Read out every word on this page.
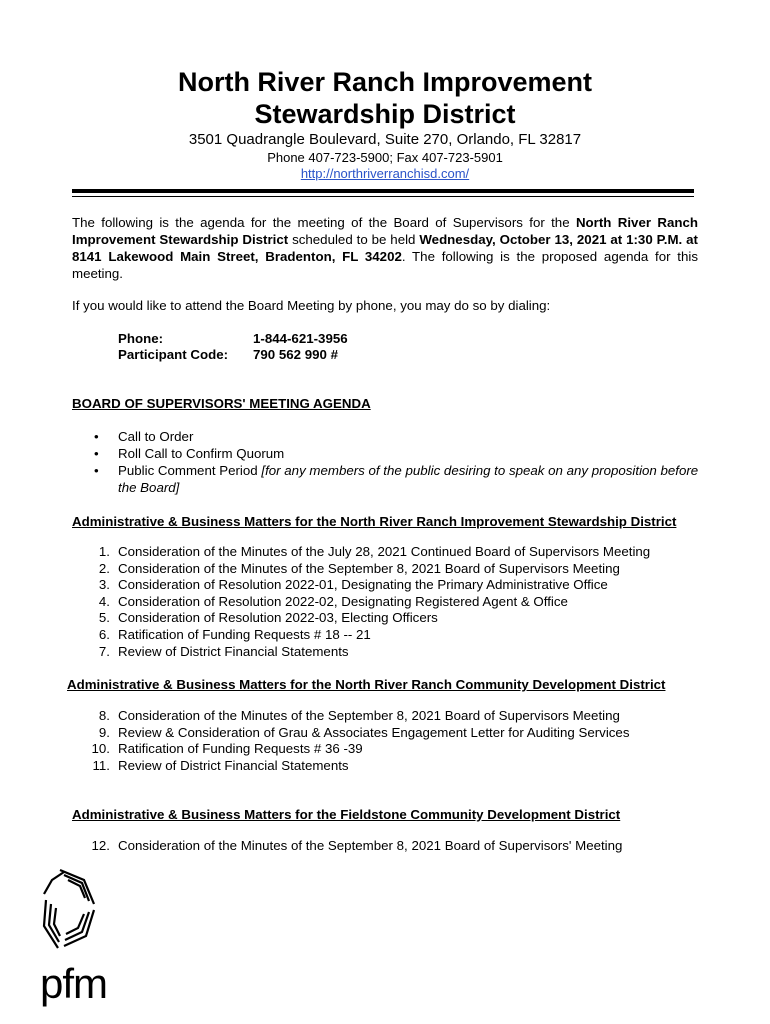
North River Ranch Improvement
Stewardship District
3501 Quadrangle Boulevard, Suite 270, Orlando, FL 32817
Phone 407-723-5900; Fax 407-723-5901
http://northriverranchisd.com/
The following is the agenda for the meeting of the Board of Supervisors for the North River Ranch Improvement Stewardship District scheduled to be held Wednesday, October 13, 2021 at 1:30 P.M. at 8141 Lakewood Main Street, Bradenton, FL 34202. The following is the proposed agenda for this meeting.
If you would like to attend the Board Meeting by phone, you may do so by dialing:
Phone:	1-844-621-3956
Participant Code: 790 562 990 #
BOARD OF SUPERVISORS' MEETING AGENDA
• Call to Order
• Roll Call to Confirm Quorum
• Public Comment Period [for any members of the public desiring to speak on any proposition before the Board]
Administrative & Business Matters for the North River Ranch Improvement Stewardship District
1. Consideration of the Minutes of the July 28, 2021 Continued Board of Supervisors Meeting
2. Consideration of the Minutes of the September 8, 2021 Board of Supervisors Meeting
3. Consideration of Resolution 2022-01, Designating the Primary Administrative Office
4. Consideration of Resolution 2022-02, Designating Registered Agent & Office
5. Consideration of Resolution 2022-03, Electing Officers
6. Ratification of Funding Requests # 18 -- 21
7. Review of District Financial Statements
Administrative & Business Matters for the North River Ranch Community Development District
8. Consideration of the Minutes of the September 8, 2021 Board of Supervisors Meeting
9. Review & Consideration of Grau & Associates Engagement Letter for Auditing Services
10. Ratification of Funding Requests # 36 -39
11. Review of District Financial Statements
Administrative & Business Matters for the Fieldstone Community Development District
12. Consideration of the Minutes of the September 8, 2021 Board of Supervisors' Meeting
pfm
